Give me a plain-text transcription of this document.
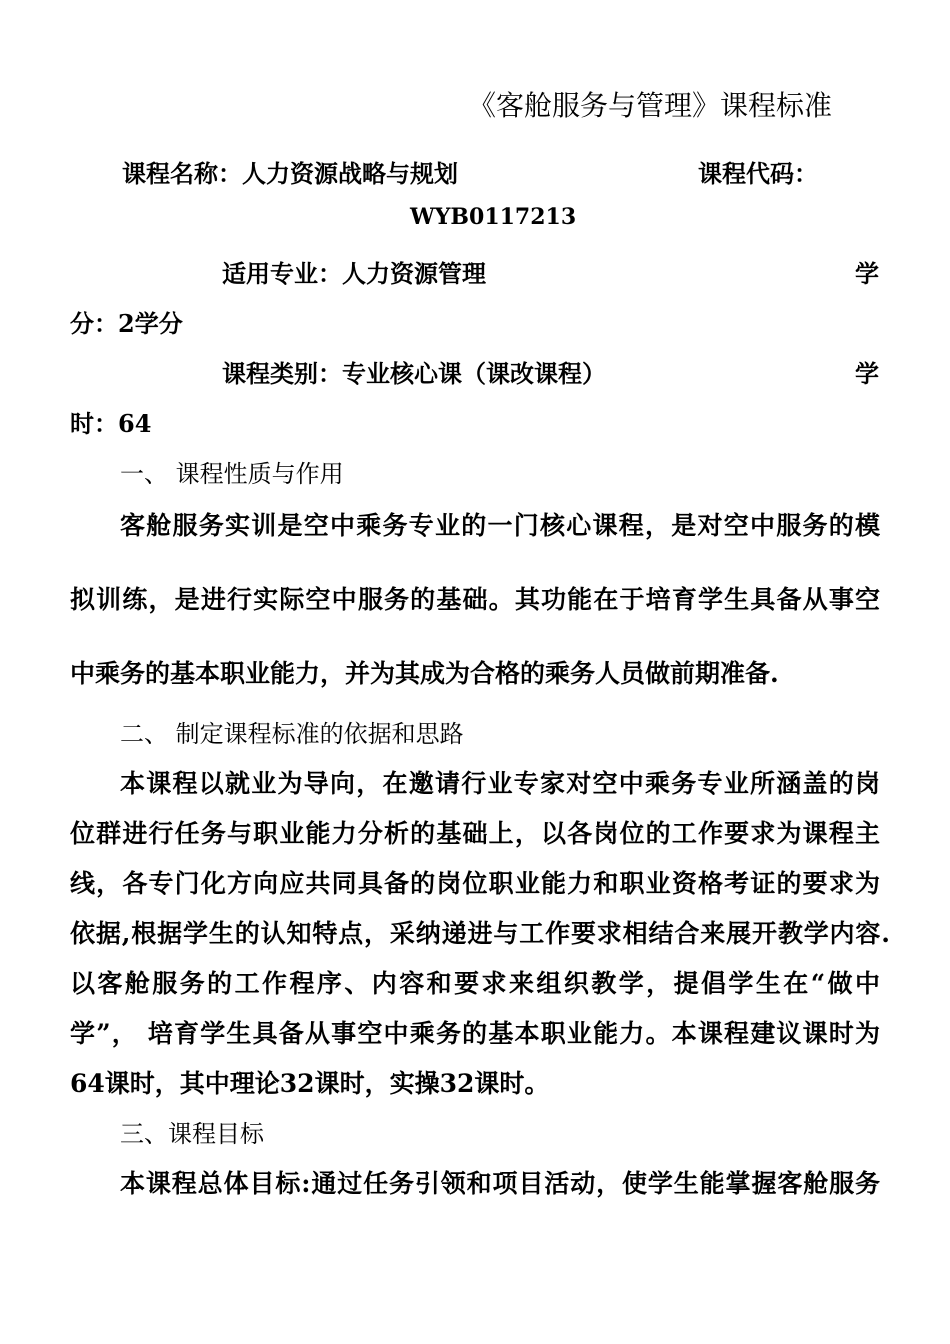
《客舱服务与管理》课程标准
课程名称：人力资源战略与规划	课程代码：
WYB0117213
适用专业：人力资源管理	学
分：2学分
课程类别：专业核心课（课改课程）	学
时：64
一、 课程性质与作用
客舱服务实训是空中乘务专业的一门核心课程，是对空中服务的模
拟训练，是进行实际空中服务的基础。其功能在于培育学生具备从事空
中乘务的基本职业能力，并为其成为合格的乘务人员做前期准备.
二、 制定课程标准的依据和思路
本课程以就业为导向，在邀请行业专家对空中乘务专业所涵盖的岗
位群进行任务与职业能力分析的基础上，以各岗位的工作要求为课程主
线，各专门化方向应共同具备的岗位职业能力和职业资格考证的要求为
依据,根据学生的认知特点，采纳递进与工作要求相结合来展开教学内容.
以客舱服务的工作程序、内容和要求来组织教学，提倡学生在“做中
学”， 培育学生具备从事空中乘务的基本职业能力。本课程建议课时为
64课时，其中理论32课时，实操32课时。
三、课程目标
本课程总体目标:通过任务引领和项目活动，使学生能掌握客舱服务
